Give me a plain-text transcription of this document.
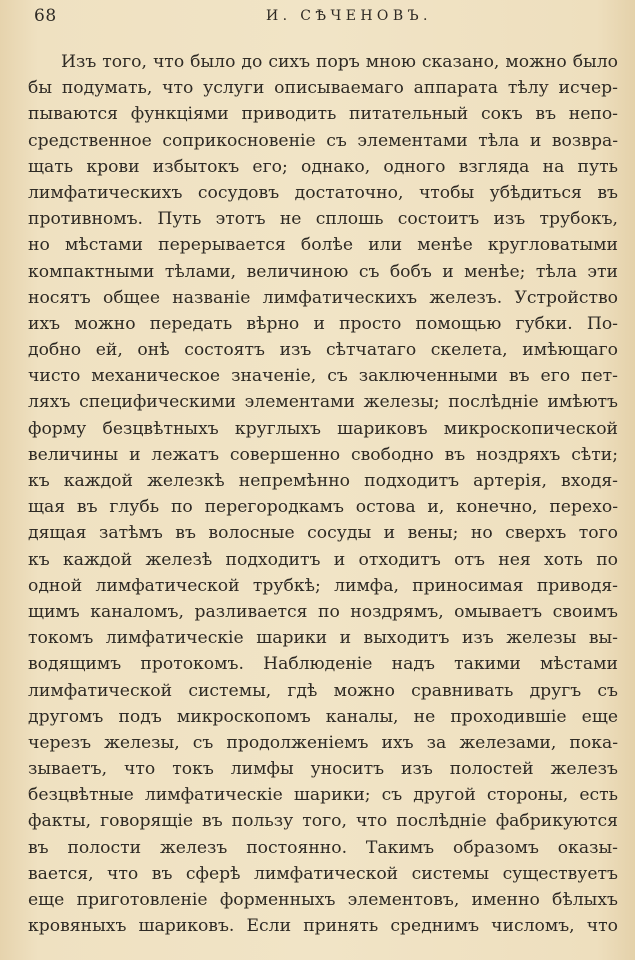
68	И. СѢЧЕНОВЪ.
Изъ того, что было до сихъ поръ мною сказано, можно было
бы подумать, что услуги описываемаго аппарата тѣлу исчер-
пываются функціями приводить питательный сокъ въ непо-
средственное соприкосновеніе съ элементами тѣла и возвра-
щать крови избытокъ его; однако, одного взгляда на путь
лимфатическихъ сосудовъ достаточно, чтобы убѣдиться въ
противномъ. Путь этотъ не сплошь состоитъ изъ трубокъ,
но мѣстами перерывается болѣе или менѣе кругловатыми
компактными тѣлами, величиною съ бобъ и менѣе; тѣла эти
носятъ общее названіе лимфатическихъ железъ. Устройство
ихъ можно передать вѣрно и просто помощью губки. По-
добно ей, онѣ состоятъ изъ сѣтчатаго скелета, имѣющаго
чисто механическое значеніе, съ заключенными въ его пет-
ляхъ специфическими элементами железы; послѣдніе имѣютъ
форму безцвѣтныхъ круглыхъ шариковъ микроскопической
величины и лежатъ совершенно свободно въ ноздряхъ сѣти;
къ каждой железкѣ непремѣнно подходитъ артерія, входя-
щая въ глубь по перегородкамъ остова и, конечно, перехо-
дящая затѣмъ въ волосные сосуды и вены; но сверхъ того
къ каждой железѣ подходитъ и отходитъ отъ нея хоть по
одной лимфатической трубкѣ; лимфа, приносимая приводя-
щимъ каналомъ, разливается по ноздрямъ, омываетъ своимъ
токомъ лимфатическіе шарики и выходитъ изъ железы вы-
водящимъ протокомъ. Наблюденіе надъ такими мѣстами
лимфатической системы, гдѣ можно сравнивать другъ съ
другомъ подъ микроскопомъ каналы, не проходившіе еще
черезъ железы, съ продолженіемъ ихъ за железами, пока-
зываетъ, что токъ лимфы уноситъ изъ полостей железъ
безцвѣтные лимфатическіе шарики; съ другой стороны, есть
факты, говорящіе въ пользу того, что послѣдніе фабрикуются
въ полости железъ постоянно. Такимъ образомъ оказы-
вается, что въ сферѣ лимфатической системы существуетъ
еще приготовленіе форменныхъ элементовъ, именно бѣлыхъ
кровяныхъ шариковъ. Если принять среднимъ числомъ, что
